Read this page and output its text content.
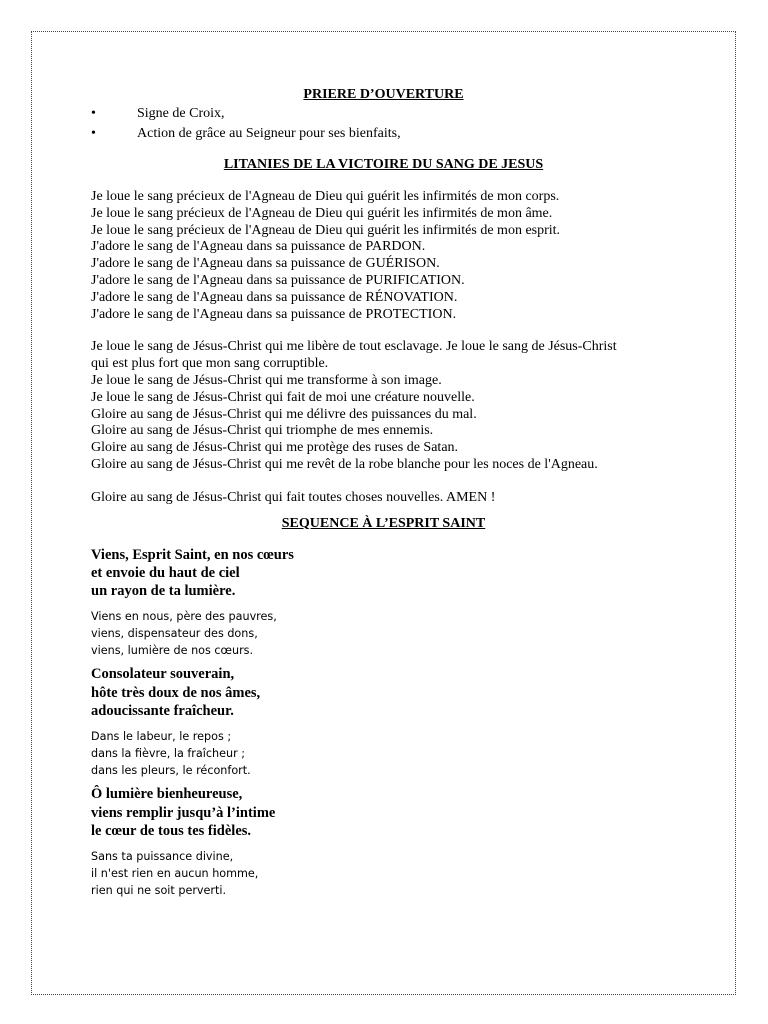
PRIERE D’OUVERTURE
•	Signe de Croix,
•	Action de grâce au Seigneur pour ses bienfaits,
LITANIES DE LA VICTOIRE DU SANG DE JESUS
Je loue le sang précieux de l'Agneau de Dieu qui guérit les infirmités de mon corps.
Je loue le sang précieux de l'Agneau de Dieu qui guérit les infirmités de mon âme.
Je loue le sang précieux de l'Agneau de Dieu qui guérit les infirmités de mon esprit.
J'adore le sang de l'Agneau dans sa puissance de PARDON.
J'adore le sang de l'Agneau dans sa puissance de GUÉRISON.
J'adore le sang de l'Agneau dans sa puissance de PURIFICATION.
J'adore le sang de l'Agneau dans sa puissance de RÉNOVATION.
J'adore le sang de l'Agneau dans sa puissance de PROTECTION.
Je loue le sang de Jésus-Christ qui me libère de tout esclavage. Je loue le sang de Jésus-Christ
qui est plus fort que mon sang corruptible.
Je loue le sang de Jésus-Christ qui me transforme à son image.
Je loue le sang de Jésus-Christ qui fait de moi une créature nouvelle.
Gloire au sang de Jésus-Christ qui me délivre des puissances du mal.
Gloire au sang de Jésus-Christ qui triomphe de mes ennemis.
Gloire au sang de Jésus-Christ qui me protège des ruses de Satan.
Gloire au sang de Jésus-Christ qui me revêt de la robe blanche pour les noces de l'Agneau.
Gloire au sang de Jésus-Christ qui fait toutes choses nouvelles. AMEN !
SEQUENCE À L’ESPRIT SAINT
Viens, Esprit Saint, en nos cœurs
et envoie du haut de ciel
un rayon de ta lumière.
Viens en nous, père des pauvres,
viens, dispensateur des dons,
viens, lumière de nos cœurs.
Consolateur souverain,
hôte très doux de nos âmes,
adoucissante fraîcheur.
Dans le labeur, le repos ;
dans la fièvre, la fraîcheur ;
dans les pleurs, le réconfort.
Ô lumière bienheureuse,
viens remplir jusqu’à l’intime
le cœur de tous tes fidèles.
Sans ta puissance divine,
il n'est rien en aucun homme,
rien qui ne soit perverti.
